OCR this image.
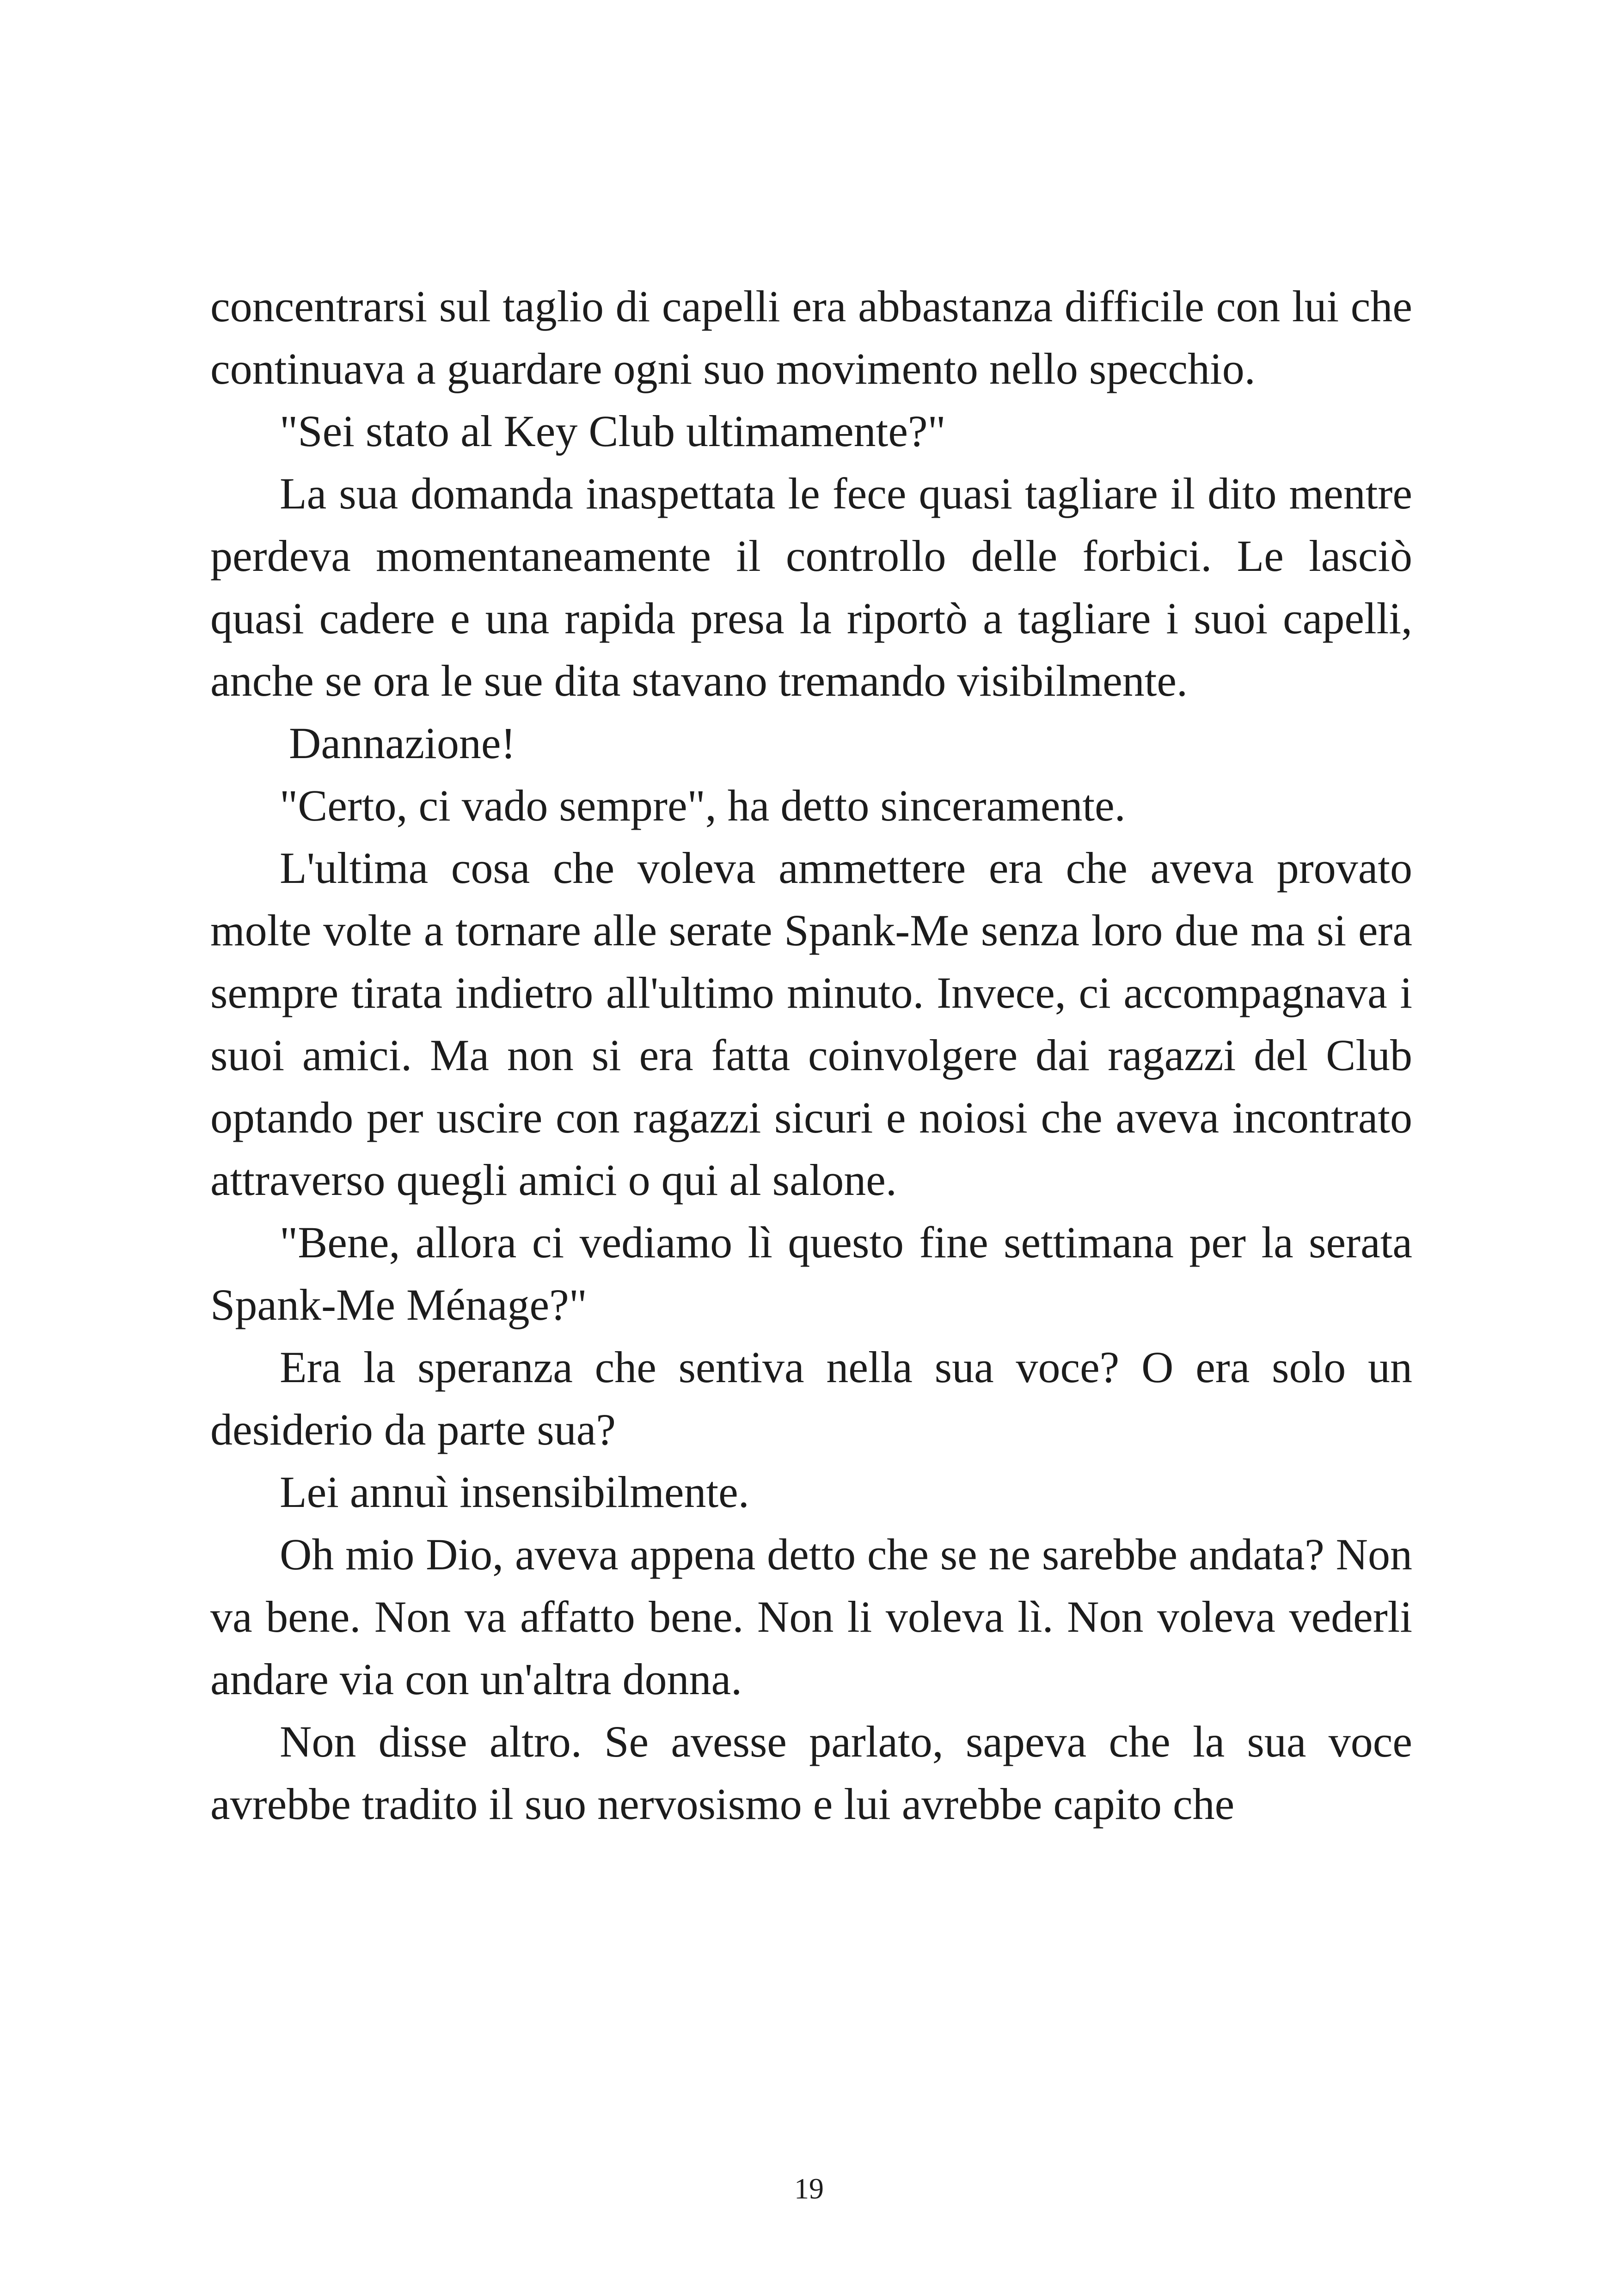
concentrarsi sul taglio di capelli era abbastanza difficile con lui che continuava a guardare ogni suo movimento nello specchio.

"Sei stato al Key Club ultimamente?"

La sua domanda inaspettata le fece quasi tagliare il dito mentre perdeva momentaneamente il controllo delle forbici. Le lasciò quasi cadere e una rapida presa la riportò a tagliare i suoi capelli, anche se ora le sue dita stavano tremando visibilmente.

Dannazione!

"Certo, ci vado sempre", ha detto sinceramente.

L'ultima cosa che voleva ammettere era che aveva provato molte volte a tornare alle serate Spank-Me senza loro due ma si era sempre tirata indietro all'ultimo minuto. Invece, ci accompagnava i suoi amici. Ma non si era fatta coinvolgere dai ragazzi del Club optando per uscire con ragazzi sicuri e noiosi che aveva incontrato attraverso quegli amici o qui al salone.

"Bene, allora ci vediamo lì questo fine settimana per la serata Spank-Me Ménage?"

Era la speranza che sentiva nella sua voce? O era solo un desiderio da parte sua?

Lei annuì insensibilmente.

Oh mio Dio, aveva appena detto che se ne sarebbe andata? Non va bene. Non va affatto bene. Non li voleva lì. Non voleva vederli andare via con un'altra donna.

Non disse altro. Se avesse parlato, sapeva che la sua voce avrebbe tradito il suo nervosismo e lui avrebbe capito che

19
